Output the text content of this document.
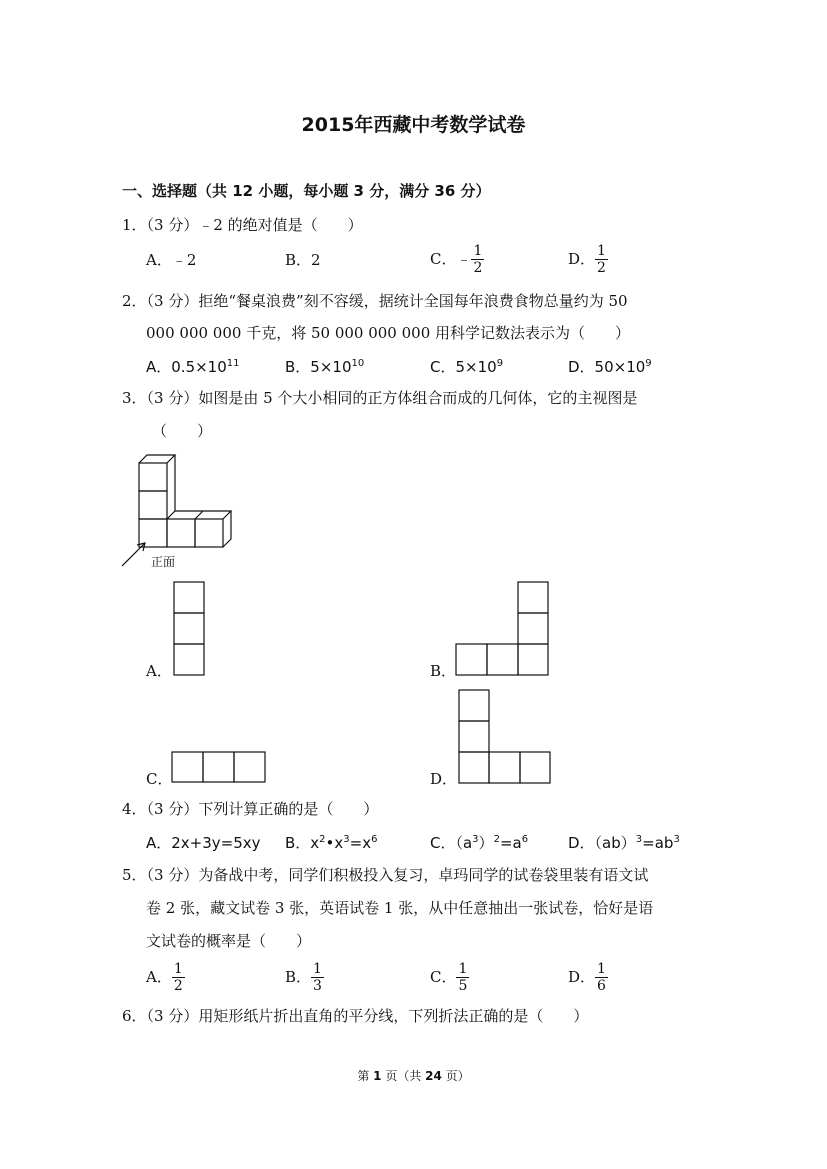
2015年西藏中考数学试卷
一、选择题（共 12 小题，每小题 3 分，满分 36 分）
1．（3 分）﹣2 的绝对值是（　　）
A．﹣2	B．2	C．﹣ $\frac{1}{2}$	D． $\frac{1}{2}$
2．（3 分）拒绝“餐桌浪费”刻不容缓，据统计全国每年浪费食物总量约为 50
000 000 000 千克，将 50 000 000 000 用科学记数法表示为（　　）
A．$0.5\times 10^{11}$	B．$5\times 10^{10}$	C．$5\times 10^9$	D．$50\times 10^9$
3．（3 分）如图是由 5 个大小相同的正方体组合而成的几何体，它的主视图是
（　　）
正面
A．	B．
C．	D．
4．（3 分）下列计算正确的是（　　）
A．2x+3y=5xy B．$x^2•x^3=x^6$	C．$(a^3)^2=a^6$	D．$(ab)^3=ab^3$
5．（3 分）为备战中考，同学们积极投入复习，卓玛同学的试卷袋里装有语文试
卷 2 张，藏文试卷 3 张，英语试卷 1 张，从中任意抽出一张试卷，恰好是语
文试卷的概率是（　　）
A． $\frac{1}{2}$	B． $\frac{1}{3}$	C． $\frac{1}{5}$	D． $\frac{1}{6}$
6．（3 分）用矩形纸片折出直角的平分线，下列折法正确的是（　　）
第 1 页（共 24 页）
